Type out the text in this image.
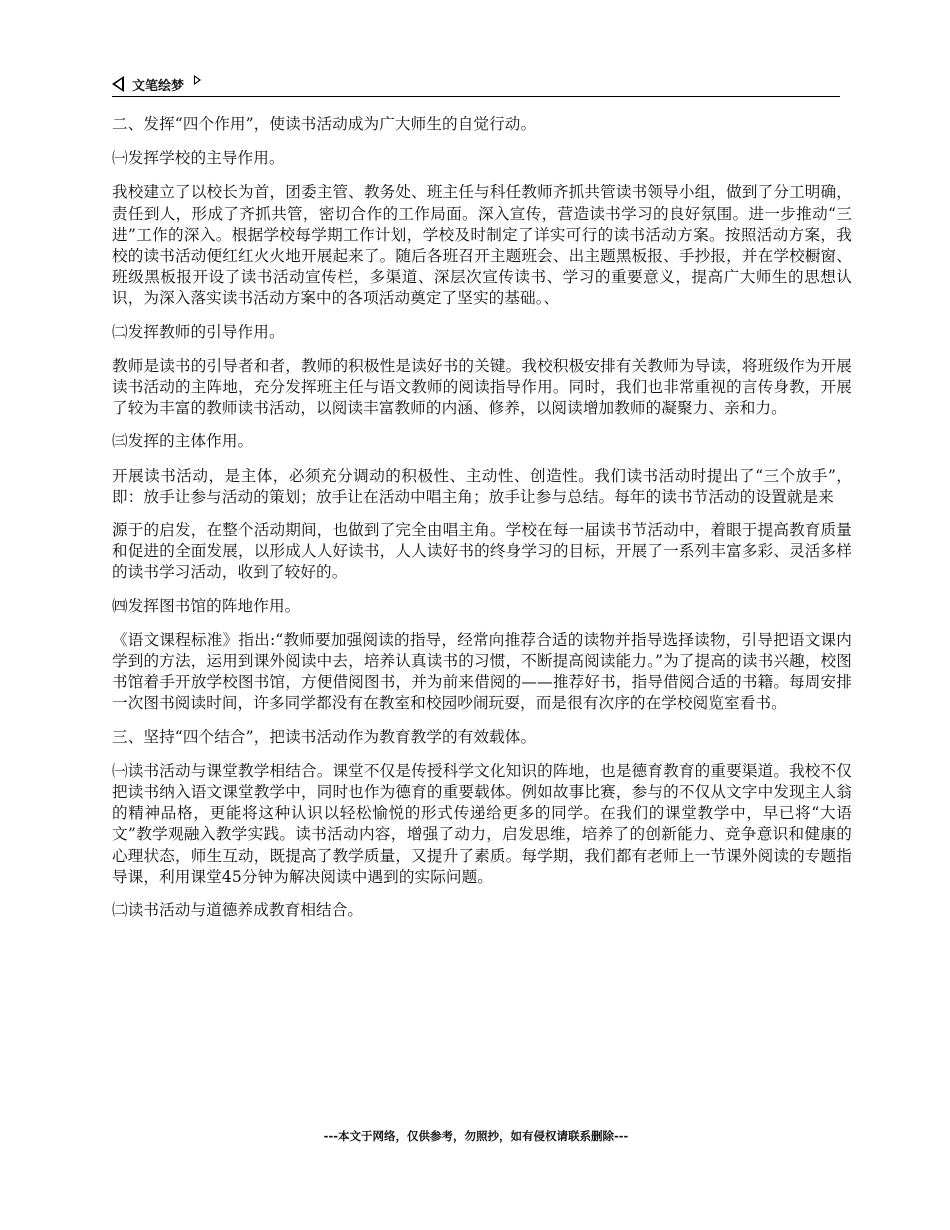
文笔绘梦

二、发挥“四个作用”，使读书活动成为广大师生的自觉行动。

㈠发挥学校的主导作用。

我校建立了以校长为首，团委主管、教务处、班主任与科任教师齐抓共管读书领导小组，做到了分工明确，责任到人，形成了齐抓共管，密切合作的工作局面。深入宣传，营造读书学习的良好氛围。进一步推动“三进”工作的深入。根据学校每学期工作计划，学校及时制定了详实可行的读书活动方案。按照活动方案，我校的读书活动便红红火火地开展起来了。随后各班召开主题班会、出主题黑板报、手抄报，并在学校橱窗、班级黑板报开设了读书活动宣传栏，多渠道、深层次宣传读书、学习的重要意义，提高广大师生的思想认识，为深入落实读书活动方案中的各项活动奠定了坚实的基础。、

㈡发挥教师的引导作用。

教师是读书的引导者和者，教师的积极性是读好书的关键。我校积极安排有关教师为导读，将班级作为开展读书活动的主阵地，充分发挥班主任与语文教师的阅读指导作用。同时，我们也非常重视的言传身教，开展了较为丰富的教师读书活动，以阅读丰富教师的内涵、修养，以阅读增加教师的凝聚力、亲和力。

㈢发挥的主体作用。

开展读书活动，是主体，必须充分调动的积极性、主动性、创造性。我们读书活动时提出了“三个放手”，即：放手让参与活动的策划；放手让在活动中唱主角；放手让参与总结。每年的读书节活动的设置就是来

源于的启发，在整个活动期间，也做到了完全由唱主角。学校在每一届读书节活动中，着眼于提高教育质量和促进的全面发展，以形成人人好读书，人人读好书的终身学习的目标，开展了一系列丰富多彩、灵活多样的读书学习活动，收到了较好的。

㈣发挥图书馆的阵地作用。

《语文课程标准》指出:“教师要加强阅读的指导，经常向推荐合适的读物并指导选择读物，引导把语文课内学到的方法，运用到课外阅读中去，培养认真读书的习惯，不断提高阅读能力。”为了提高的读书兴趣，校图书馆着手开放学校图书馆，方便借阅图书，并为前来借阅的——推荐好书，指导借阅合适的书籍。每周安排一次图书阅读时间，许多同学都没有在教室和校园吵闹玩耍，而是很有次序的在学校阅览室看书。

三、坚持“四个结合”，把读书活动作为教育教学的有效载体。

㈠读书活动与课堂教学相结合。课堂不仅是传授科学文化知识的阵地，也是德育教育的重要渠道。我校不仅把读书纳入语文课堂教学中，同时也作为德育的重要载体。例如故事比赛，参与的不仅从文字中发现主人翁的精神品格，更能将这种认识以轻松愉悦的形式传递给更多的同学。在我们的课堂教学中，早已将“大语文”教学观融入教学实践。读书活动内容，增强了动力，启发思维，培养了的创新能力、竞争意识和健康的心理状态，师生互动，既提高了教学质量，又提升了素质。每学期，我们都有老师上一节课外阅读的专题指导课，利用课堂45分钟为解决阅读中遇到的实际问题。

㈡读书活动与道德养成教育相结合。

---本文于网络，仅供参考，勿照抄，如有侵权请联系删除---
